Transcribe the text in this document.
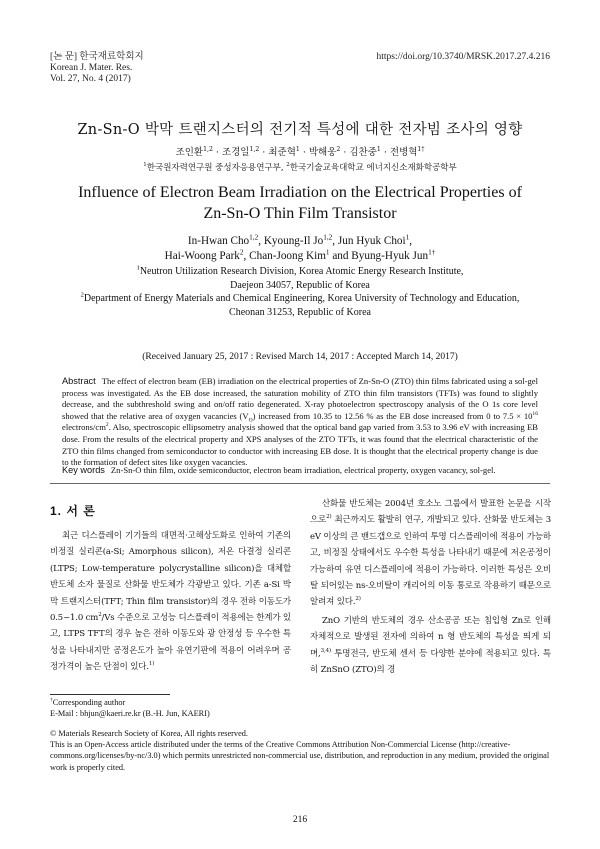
[논 문] 한국재료학회지
Korean J. Mater. Res.
Vol. 27, No. 4 (2017)
https://doi.org/10.3740/MRSK.2017.27.4.216
Zn-Sn-O 박막 트랜지스터의 전기적 특성에 대한 전자빔 조사의 영향
조인환$^{1,2}$ · 조경일$^{1,2}$ · 최준혁$^1$ · 박해웅$^2$ · 김찬중$^1$ · 전병혁$^{1\dagger}$
$^1$한국원자력연구원 중성자응용연구부, $^2$한국기술교육대학교 에너지신소재화학공학부
Influence of Electron Beam Irradiation on the Electrical Properties of
Zn-Sn-O Thin Film Transistor
In-Hwan Cho$^{1,2}$, Kyoung-Il Jo$^{1,2}$, Jun Hyuk Choi$^1$,
Hai-Woong Park$^2$, Chan-Joong Kim$^1$ and Byung-Hyuk Jun$^{1\dagger}$
$^1$Neutron Utilization Research Division, Korea Atomic Energy Research Institute,
Daejeon 34057, Republic of Korea
$^2$Department of Energy Materials and Chemical Engineering, Korea University of Technology and Education,
Cheonan 31253, Republic of Korea
(Received January 25, 2017 : Revised March 14, 2017 : Accepted March 14, 2017)
Abstract The effect of electron beam (EB) irradiation on the electrical properties of Zn-Sn-O (ZTO) thin films fabricated using a sol-gel process was investigated. As the EB dose increased, the saturation mobility of ZTO thin film transistors (TFTs) was found to slightly decrease, and the subthreshold swing and on/off ratio degenerated. X-ray photoelectron spectroscopy analysis of the O 1s core level showed that the relative area of oxygen vacancies $(V_O)$ increased from 10.35 to 12.56 % as the EB dose increased from 0 to $7.5 \times 10^{16}$ electrons/$cm^2$. Also, spectroscopic ellipsometry analysis showed that the optical band gap varied from 3.53 to 3.96 eV with increasing EB dose. From the results of the electrical property and XPS analyses of the ZTO TFTs, it was found that the electrical characteristic of the ZTO thin films changed from semiconductor to conductor with increasing EB dose. It is thought that the electrical property change is due to the formation of defect sites like oxygen vacancies.
Key words Zn-Sn-O thin film, oxide semiconductor, electron beam irradiation, electrical property, oxygen vacancy, sol-gel.
1. 서 론

최근 디스플레이 기기들의 대면적·고해상도화로 인하여 기존의 비정질 실리콘(a-Si; Amorphous silicon), 저온 다결정 실리콘(LTPS; Low-temperature polycrystalline silicon)을 대체할 반도체 소자 물질로 산화물 반도체가 각광받고 있다. 기존 a-Si 박막 트랜지스터(TFT; Thin film transistor)의 경우 전하 이동도가 0.5~1.0 $cm^2/Vs$ 수준으로 고성능 디스플레이 적용에는 한계가 있고, LTPS TFT의 경우 높은 전하 이동도와 광 안정성 등 우수한 특성을 나타내지만 공정온도가 높아 유연기판에 적용이 어려우며 공정가격이 높은 단점이 있다.$^{1)}$

산화물 반도체는 2004년 호소노 그룹에서 발표한 논문을 시작으로$^{2)}$ 최근까지도 활발히 연구, 개발되고 있다. 산화물 반도체는 3 eV 이상의 큰 밴드갭으로 인하여 투명 디스플레이에 적용이 가능하고, 비정질 상태에서도 우수한 특성을 나타내기 때문에 저온공정이 가능하여 유연 디스플레이에 적용이 가능하다. 이러한 특성은 오비탈 되어있는 ns-오비탈이 캐리어의 이동 통로로 작용하기 때문으로 알려져 있다.$^{2)}$

ZnO 기반의 반도체의 경우 산소공공 또는 침입형 Zn로 인해 자체적으로 발생된 전자에 의하여 n 형 반도체의 특성을 띄게 되며,$^{3,4)}$ 투명전극, 반도체 센서 등 다양한 분야에 적용되고 있다. 특히 ZnSnO (ZTO)의 경

†Corresponding author
E-Mail : bhjun@kaeri.re.kr (B.-H. Jun, KAERI)
© Materials Research Society of Korea, All rights reserved.
This is an Open-Access article distributed under the terms of the Creative Commons Attribution Non-Commercial License (http://creative-commons.org/licenses/by-nc/3.0) which permits unrestricted non-commercial use, distribution, and reproduction in any medium, provided the original work is properly cited.
216
